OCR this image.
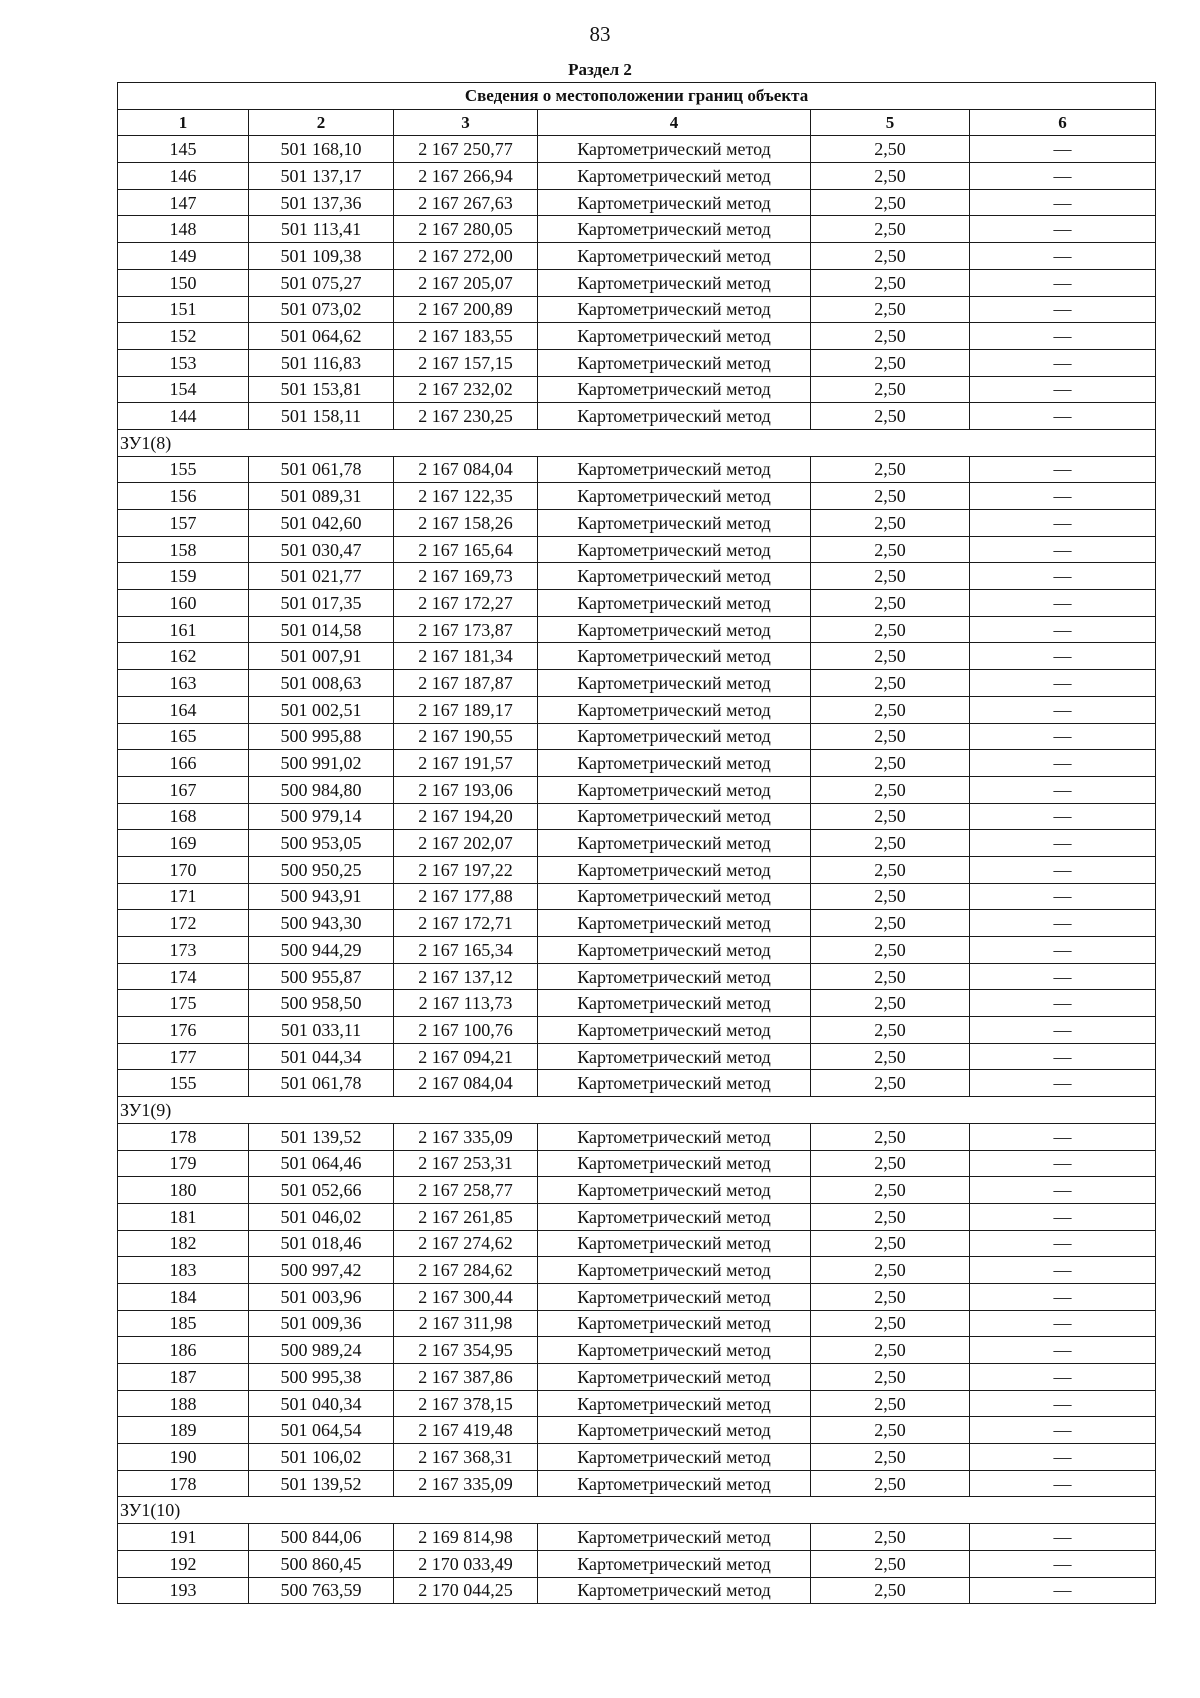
83
Раздел 2
Сведения о местоположении границ объекта					
1	2	3	4	5	6
145	501 168,10	2 167 250,77	Картометрический метод	2,50	—
146	501 137,17	2 167 266,94	Картометрический метод	2,50	—
147	501 137,36	2 167 267,63	Картометрический метод	2,50	—
148	501 113,41	2 167 280,05	Картометрический метод	2,50	—
149	501 109,38	2 167 272,00	Картометрический метод	2,50	—
150	501 075,27	2 167 205,07	Картометрический метод	2,50	—
151	501 073,02	2 167 200,89	Картометрический метод	2,50	—
152	501 064,62	2 167 183,55	Картометрический метод	2,50	—
153	501 116,83	2 167 157,15	Картометрический метод	2,50	—
154	501 153,81	2 167 232,02	Картометрический метод	2,50	—
144	501 158,11	2 167 230,25	Картометрический метод	2,50	—
ЗУ1(8)					
155	501 061,78	2 167 084,04	Картометрический метод	2,50	—
156	501 089,31	2 167 122,35	Картометрический метод	2,50	—
157	501 042,60	2 167 158,26	Картометрический метод	2,50	—
158	501 030,47	2 167 165,64	Картометрический метод	2,50	—
159	501 021,77	2 167 169,73	Картометрический метод	2,50	—
160	501 017,35	2 167 172,27	Картометрический метод	2,50	—
161	501 014,58	2 167 173,87	Картометрический метод	2,50	—
162	501 007,91	2 167 181,34	Картометрический метод	2,50	—
163	501 008,63	2 167 187,87	Картометрический метод	2,50	—
164	501 002,51	2 167 189,17	Картометрический метод	2,50	—
165	500 995,88	2 167 190,55	Картометрический метод	2,50	—
166	500 991,02	2 167 191,57	Картометрический метод	2,50	—
167	500 984,80	2 167 193,06	Картометрический метод	2,50	—
168	500 979,14	2 167 194,20	Картометрический метод	2,50	—
169	500 953,05	2 167 202,07	Картометрический метод	2,50	—
170	500 950,25	2 167 197,22	Картометрический метод	2,50	—
171	500 943,91	2 167 177,88	Картометрический метод	2,50	—
172	500 943,30	2 167 172,71	Картометрический метод	2,50	—
173	500 944,29	2 167 165,34	Картометрический метод	2,50	—
174	500 955,87	2 167 137,12	Картометрический метод	2,50	—
175	500 958,50	2 167 113,73	Картометрический метод	2,50	—
176	501 033,11	2 167 100,76	Картометрический метод	2,50	—
177	501 044,34	2 167 094,21	Картометрический метод	2,50	—
155	501 061,78	2 167 084,04	Картометрический метод	2,50	—
ЗУ1(9)					
178	501 139,52	2 167 335,09	Картометрический метод	2,50	—
179	501 064,46	2 167 253,31	Картометрический метод	2,50	—
180	501 052,66	2 167 258,77	Картометрический метод	2,50	—
181	501 046,02	2 167 261,85	Картометрический метод	2,50	—
182	501 018,46	2 167 274,62	Картометрический метод	2,50	—
183	500 997,42	2 167 284,62	Картометрический метод	2,50	—
184	501 003,96	2 167 300,44	Картометрический метод	2,50	—
185	501 009,36	2 167 311,98	Картометрический метод	2,50	—
186	500 989,24	2 167 354,95	Картометрический метод	2,50	—
187	500 995,38	2 167 387,86	Картометрический метод	2,50	—
188	501 040,34	2 167 378,15	Картометрический метод	2,50	—
189	501 064,54	2 167 419,48	Картометрический метод	2,50	—
190	501 106,02	2 167 368,31	Картометрический метод	2,50	—
178	501 139,52	2 167 335,09	Картометрический метод	2,50	—
ЗУ1(10)					
191	500 844,06	2 169 814,98	Картометрический метод	2,50	—
192	500 860,45	2 170 033,49	Картометрический метод	2,50	—
193	500 763,59	2 170 044,25	Картометрический метод	2,50	—
